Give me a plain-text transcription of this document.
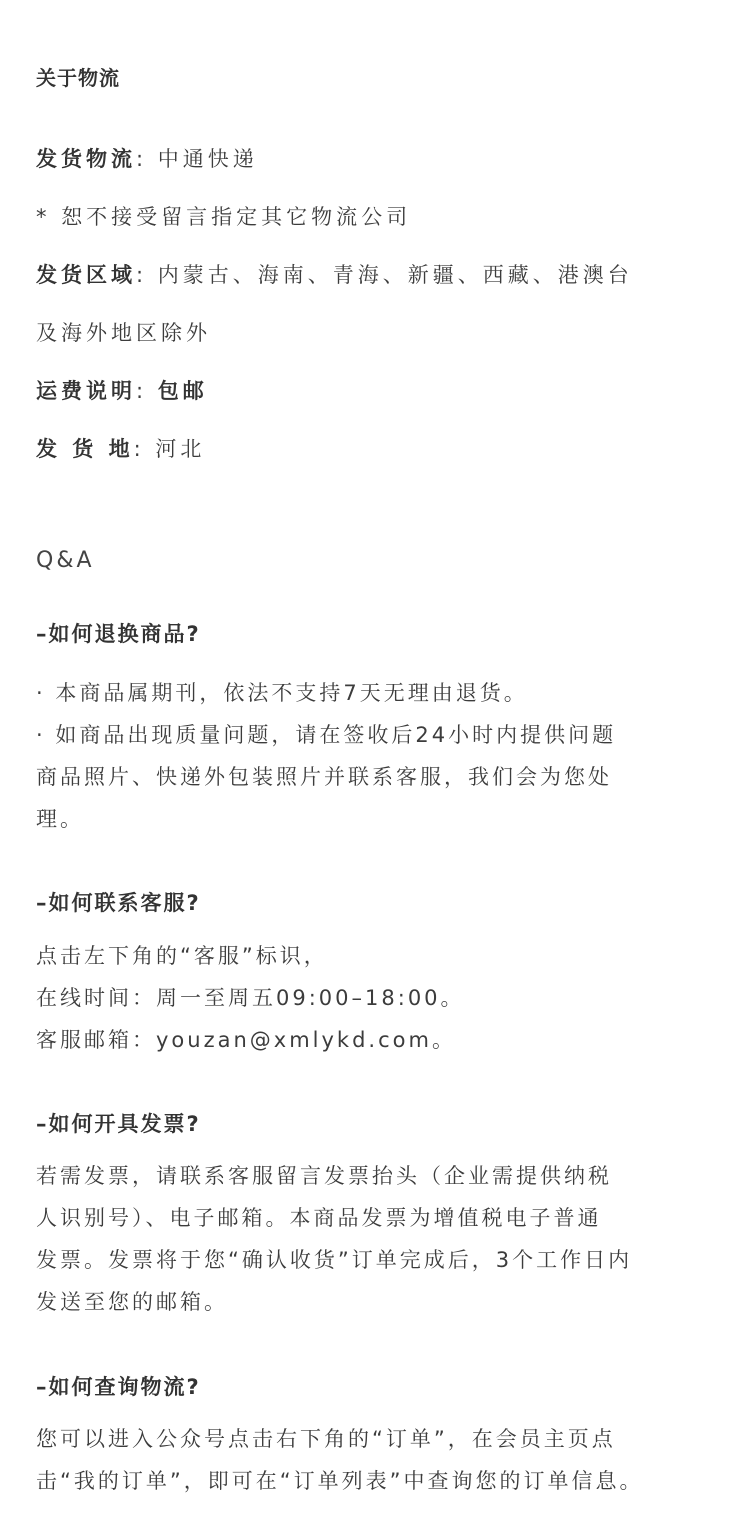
关于物流
发货物流: 中通快递
* 恕不接受留言指定其它物流公司
发货区域: 内蒙古、海南、青海、新疆、西藏、港澳台
及海外地区除外
运费说明: 包邮
发 货 地: 河北
Q&A
–如何退换商品?
· 本商品属期刊，依法不支持7天无理由退货。
· 如商品出现质量问题，请在签收后24小时内提供问题
商品照片、快递外包装照片并联系客服，我们会为您处
理。
–如何联系客服?
点击左下角的“客服”标识，
在线时间：周一至周五09:00–18:00。
客服邮箱：youzan@xmlykd.com。
–如何开具发票?
若需发票，请联系客服留言发票抬头（企业需提供纳税
人识别号）、电子邮箱。本商品发票为增值税电子普通
发票。发票将于您“确认收货”订单完成后，3个工作日内
发送至您的邮箱。
–如何查询物流?
您可以进入公众号点击右下角的“订单”，在会员主页点
击“我的订单”，即可在“订单列表”中查询您的订单信息。
